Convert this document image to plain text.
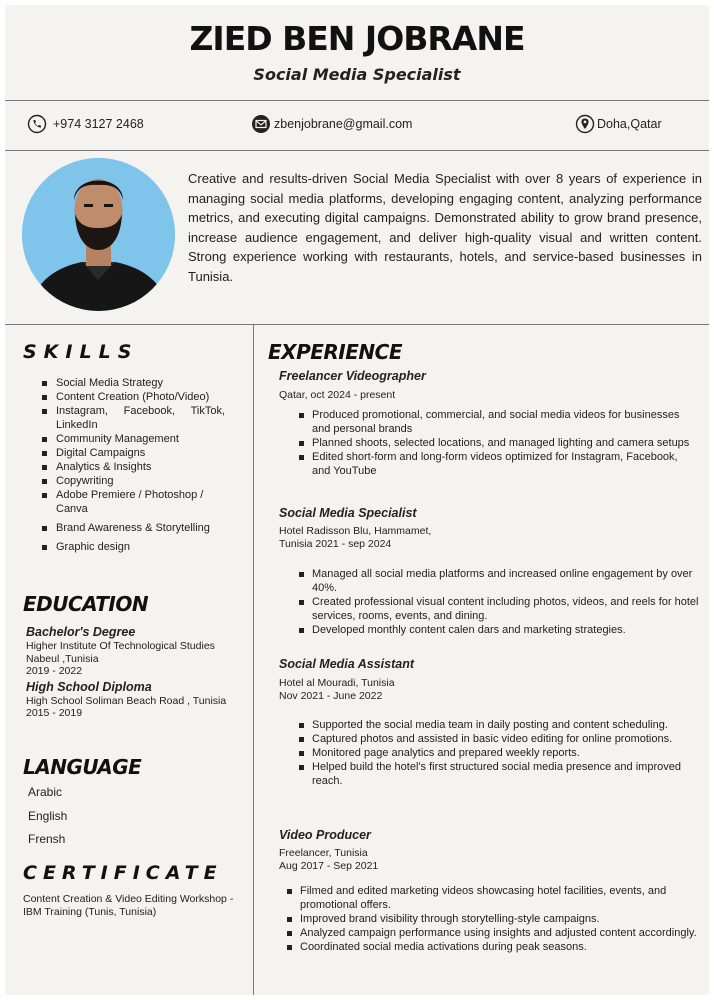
ZIED BEN JOBRANE
Social Media Specialist
+974 3127 2468	zbenjobrane@gmail.com	Doha,Qatar
Creative and results-driven Social Media Specialist with over 8 years of experience in managing social media platforms, developing engaging content, analyzing performance metrics, and executing digital campaigns. Demonstrated ability to grow brand presence, increase audience engagement, and deliver high-quality visual and written content. Strong experience working with restaurants, hotels, and service-based businesses in Tunisia.
SKILLS
Social Media Strategy
Content Creation (Photo/Video)
Instagram, Facebook, TikTok, LinkedIn
Community Management
Digital Campaigns
Analytics & Insights
Copywriting
Adobe Premiere / Photoshop / Canva
Brand Awareness & Storytelling
Graphic design
EDUCATION
Bachelor's Degree
Higher Institute Of Technological Studies
Nabeul ,Tunisia
2019 - 2022
High School Diploma
High School Soliman Beach Road , Tunisia
2015 - 2019
LANGUAGE
Arabic
English
Frensh
CERTIFICATE
Content Creation & Video Editing Workshop - IBM Training (Tunis, Tunisia)
EXPERIENCE
Freelancer Videographer
Qatar, oct 2024 - present
Produced promotional, commercial, and social media videos for businesses and personal brands
Planned shoots, selected locations, and managed lighting and camera setups
Edited short-form and long-form videos optimized for Instagram, Facebook, and YouTube
Social Media Specialist
Hotel Radisson Blu, Hammamet,
Tunisia 2021 - sep 2024
Managed all social media platforms and increased online engagement by over 40%.
Created professional visual content including photos, videos, and reels for hotel services, rooms, events, and dining.
Developed monthly content calen dars and marketing strategies.
Social Media Assistant
Hotel al Mouradi, Tunisia
Nov 2021 - June 2022
Supported the social media team in daily posting and content scheduling.
Captured photos and assisted in basic video editing for online promotions.
Monitored page analytics and prepared weekly reports.
Helped build the hotel's first structured social media presence and improved reach.
Video Producer
Freelancer, Tunisia
Aug 2017 - Sep 2021
Filmed and edited marketing videos showcasing hotel facilities, events, and promotional offers.
Improved brand visibility through storytelling-style campaigns.
Analyzed campaign performance using insights and adjusted content accordingly.
Coordinated social media activations during peak seasons.
